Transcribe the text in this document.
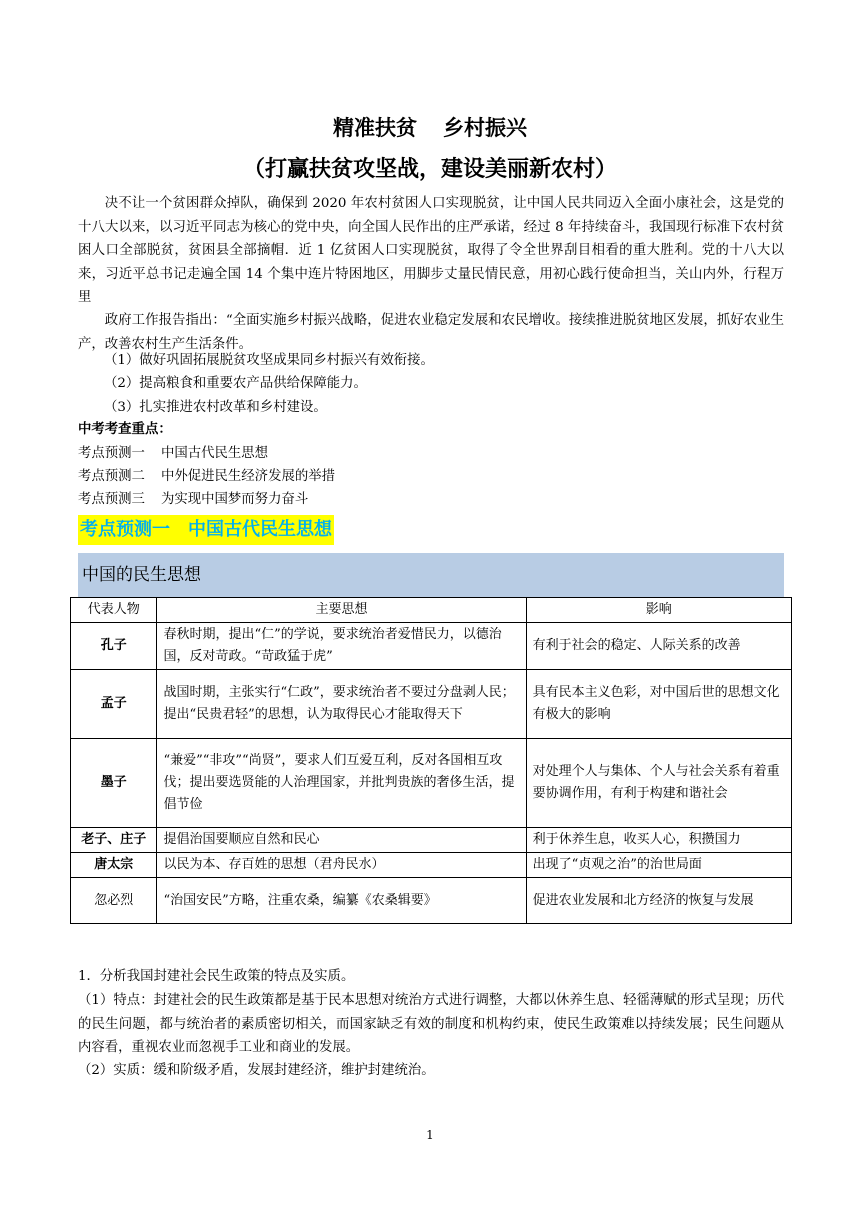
精准扶贫 乡村振兴
（打赢扶贫攻坚战，建设美丽新农村）
决不让一个贫困群众掉队，确保到 2020 年农村贫困人口实现脱贫，让中国人民共同迈入全面小康社会，这是党的十八大以来，以习近平同志为核心的党中央，向全国人民作出的庄严承诺，经过 8 年持续奋斗，我国现行标准下农村贫困人口全部脱贫，贫困县全部摘帽．近 1 亿贫困人口实现脱贫，取得了令全世界刮目相看的重大胜利。党的十八大以来，习近平总书记走遍全国 14 个集中连片特困地区，用脚步丈量民情民意，用初心践行使命担当，关山内外，行程万里
政府工作报告指出：“全面实施乡村振兴战略，促进农业稳定发展和农民增收。接续推进脱贫地区发展，抓好农业生产，改善农村生产生活条件。
（1）做好巩固拓展脱贫攻坚成果同乡村振兴有效衔接。
（2）提高粮食和重要农产品供给保障能力。
（3）扎实推进农村改革和乡村建设。
中考考查重点：
考点预测一 中国古代民生思想
考点预测二 中外促进民生经济发展的举措
考点预测三 为实现中国梦而努力奋斗
考点预测一 中国古代民生思想
中国的民生思想
代表人物	主要思想	影响
孔子	春秋时期，提出“仁”的学说，要求统治者爱惜民力，以德治国，反对苛政。“苛政猛于虎”	有利于社会的稳定、人际关系的改善
孟子	战国时期，主张实行“仁政”，要求统治者不要过分盘剥人民；提出“民贵君轻”的思想，认为取得民心才能取得天下	具有民本主义色彩，对中国后世的思想文化有极大的影响
墨子	“兼爱”“非攻”“尚贤”，要求人们互爱互利，反对各国相互攻伐；提出要选贤能的人治理国家，并批判贵族的奢侈生活，提倡节俭	对处理个人与集体、个人与社会关系有着重要协调作用，有利于构建和谐社会
老子、庄子	提倡治国要顺应自然和民心	利于休养生息，收买人心，积攒国力
唐太宗	以民为本、存百姓的思想（君舟民水）	出现了“贞观之治”的治世局面
忽必烈	“治国安民”方略，注重农桑，编纂《农桑辑要》	促进农业发展和北方经济的恢复与发展
1．分析我国封建社会民生政策的特点及实质。
（1）特点：封建社会的民生政策都是基于民本思想对统治方式进行调整，大都以休养生息、轻徭薄赋的形式呈现；历代的民生问题，都与统治者的素质密切相关，而国家缺乏有效的制度和机构约束，使民生政策难以持续发展；民生问题从内容看，重视农业而忽视手工业和商业的发展。
（2）实质：缓和阶级矛盾，发展封建经济，维护封建统治。
1
